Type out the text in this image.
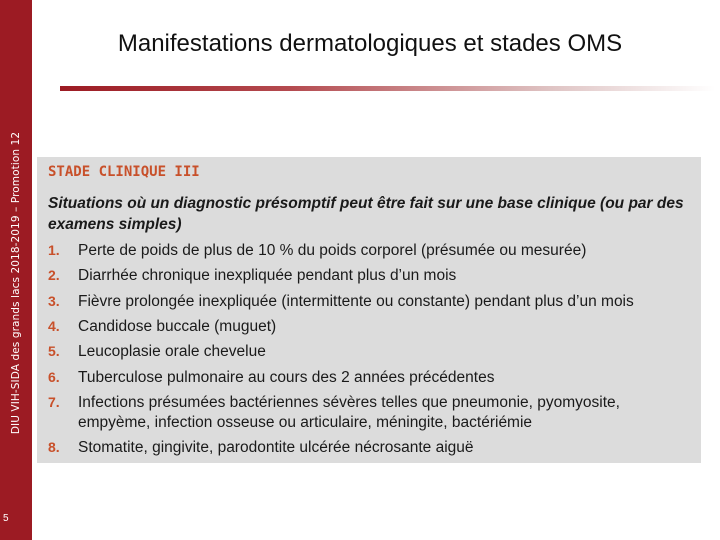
DIU VIH-SIDA des grands lacs 2018-2019 – Promotion 12
5
Manifestations dermatologiques et stades OMS
STADE CLINIQUE III
Situations où un diagnostic présomptif peut être fait sur une base clinique (ou par des examens simples)
1. Perte de poids de plus de 10 % du poids corporel (présumée ou mesurée)
2. Diarrhée chronique inexpliquée pendant plus d’un mois
3. Fièvre prolongée inexpliquée (intermittente ou constante) pendant plus d’un mois
4. Candidose buccale (muguet)
5. Leucoplasie orale chevelue
6. Tuberculose pulmonaire au cours des 2 années précédentes
7. Infections présumées bactériennes sévères telles que pneumonie, pyomyosite, empyème, infection osseuse ou articulaire, méningite, bactériémie
8. Stomatite, gingivite, parodontite ulcérée nécrosante aiguë
